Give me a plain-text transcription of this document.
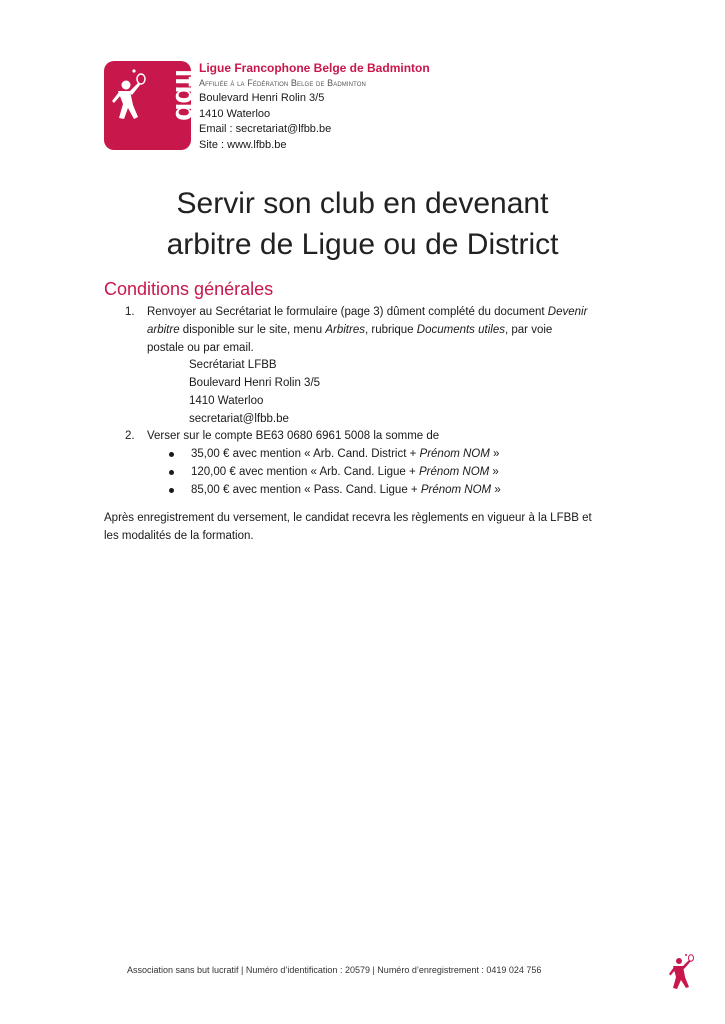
lfbb
Ligue Francophone Belge de Badminton
Affiliée à la Fédération Belge de Badminton
Boulevard Henri Rolin 3/5
1410 Waterloo
Email : secretariat@lfbb.be
Site : www.lfbb.be
Servir son club en devenant
arbitre de Ligue ou de District
Conditions générales
1. Renvoyer au Secrétariat le formulaire (page 3) dûment complété du document Devenir
arbitre disponible sur le site, menu Arbitres, rubrique Documents utiles, par voie
postale ou par email.
Secrétariat LFBB
Boulevard Henri Rolin 3/5
1410 Waterloo
secretariat@lfbb.be
2. Verser sur le compte BE63 0680 6961 5008 la somme de
35,00 € avec mention « Arb. Cand. District + Prénom NOM »
120,00 € avec mention « Arb. Cand. Ligue + Prénom NOM »
85,00 € avec mention « Pass. Cand. Ligue + Prénom NOM »
Après enregistrement du versement, le candidat recevra les règlements en vigueur à la LFBB et
les modalités de la formation.
Association sans but lucratif | Numéro d’identification : 20579 | Numéro d’enregistrement : 0419 024 756
